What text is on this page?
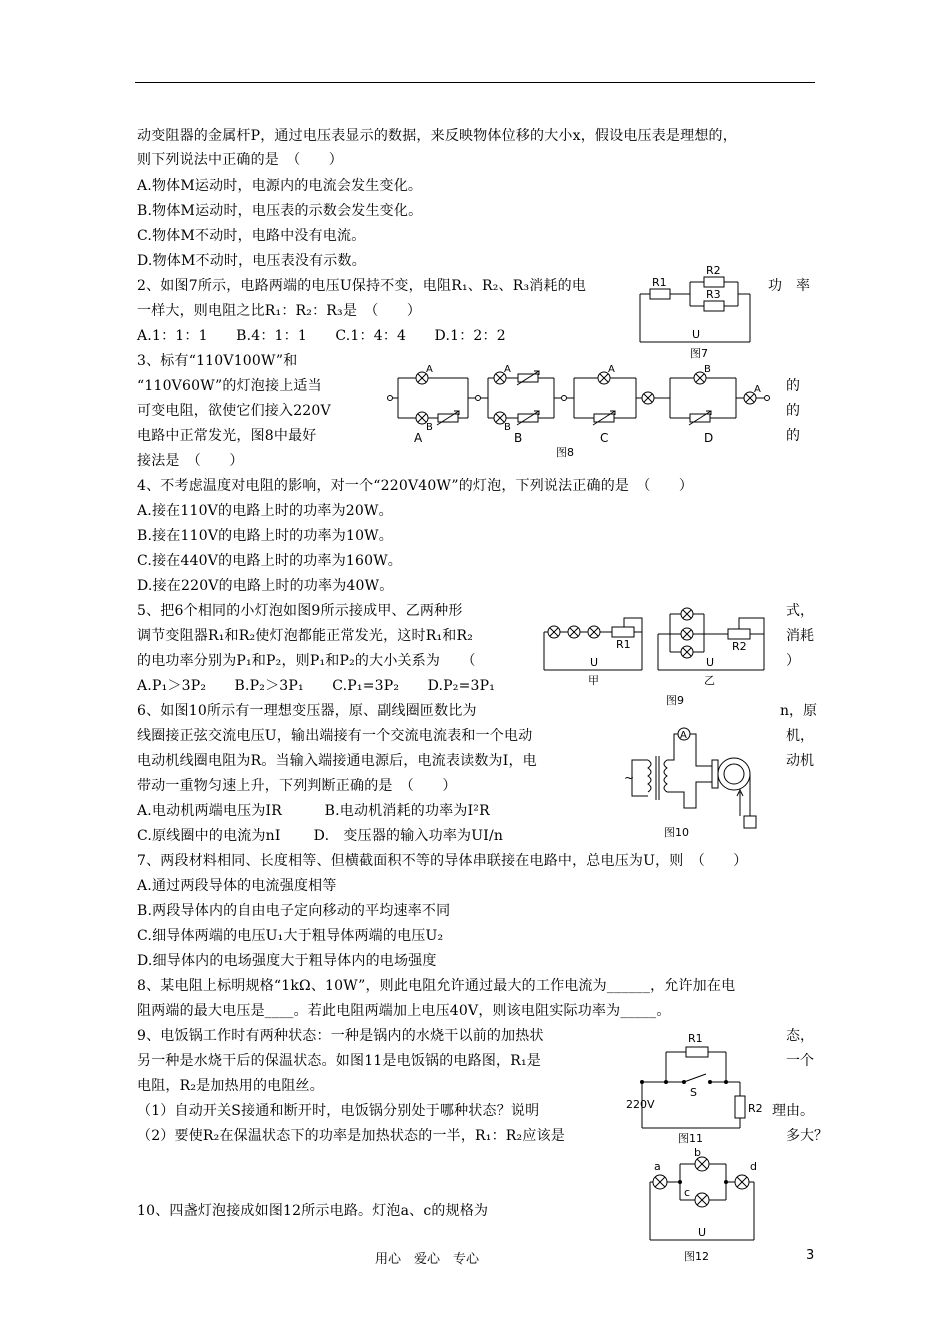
动变阻器的金属杆P，通过电压表显示的数据，来反映物体位移的大小x，假设电压表是理想的，
则下列说法中正确的是　（　　）
A.物体M运动时，电源内的电流会发生变化。
B.物体M运动时，电压表的示数会发生变化。
C.物体M不动时，电路中没有电流。
D.物体M不动时，电压表没有示数。
2、如图7所示，电路两端的电压U保持不变，电阻R₁、R₂、R₃消耗的电
一样大，则电阻之比R₁：R₂：R₃是　（　　）
A.1：1：1　　B.4：1：1　　C.1：4：4　　D.1：2：2
3、标有“110V100W”和
“110V60W”的灯泡接上适当
可变电阻，欲使它们接入220V
电路中正常发光，图8中最好
接法是　（　　）
4、不考虑温度对电阻的影响，对一个“220V40W”的灯泡，下列说法正确的是　（　　）
A.接在110V的电路上时的功率为20W。
B.接在110V的电路上时的功率为10W。
C.接在440V的电路上时的功率为160W。
D.接在220V的电路上时的功率为40W。
5、把6个相同的小灯泡如图9所示接成甲、乙两种形
调节变阻器R₁和R₂使灯泡都能正常发光，这时R₁和R₂
的电功率分别为P₁和P₂，则P₁和P₂的大小关系为　　（
A.P₁＞3P₂　　B.P₂＞3P₁　　C.P₁=3P₂　　D.P₂=3P₁
6、如图10所示有一理想变压器，原、副线圈匝数比为
线圈接正弦交流电压U，输出端接有一个交流电流表和一个电动
电动机线圈电阻为R。当输入端接通电源后，电流表读数为I，电
带动一重物匀速上升，下列判断正确的是　（　　）
A.电动机两端电压为IR　　　B.电动机消耗的功率为I²R
C.原线圈中的电流为nI　　 D.　变压器的输入功率为UI/n
7、两段材料相同、长度相等、但横截面积不等的导体串联接在电路中，总电压为U，则　（　　）
A.通过两段导体的电流强度相等
B.两段导体内的自由电子定向移动的平均速率不同
C.细导体两端的电压U₁大于粗导体两端的电压U₂
D.细导体内的电场强度大于粗导体内的电场强度
8、某电阻上标明规格“1kΩ、10W”，则此电阻允许通过最大的工作电流为______，允许加在电
阻两端的最大电压是____。若此电阻两端加上电压40V，则该电阻实际功率为_____。
9、电饭锅工作时有两种状态：一种是锅内的水烧干以前的加热状
另一种是水烧干后的保温状态。如图11是电饭锅的电路图，R₁是
电阻，R₂是加热用的电阻丝。
（1）自动开关S接通和断开时，电饭锅分别处于哪种状态？说明
（2）要使R₂在保温状态下的功率是加热状态的一半，R₁：R₂应该是
10、四盏灯泡接成如图12所示电路。灯泡a、c的规格为
功　率
的
的
的
式，
消耗
）
n，原
机，
动机
态，
一个
理由。
多大？
R1
R2
R3
U
图7
A
B
A
B
A	B
A
A	B	C	D
图8
R1	R2
U	U
甲	乙
图9
A
~
图10
R1
S
220V	R2
图11
a
b
c
d
U
图12
用心　爱心　专心	3
